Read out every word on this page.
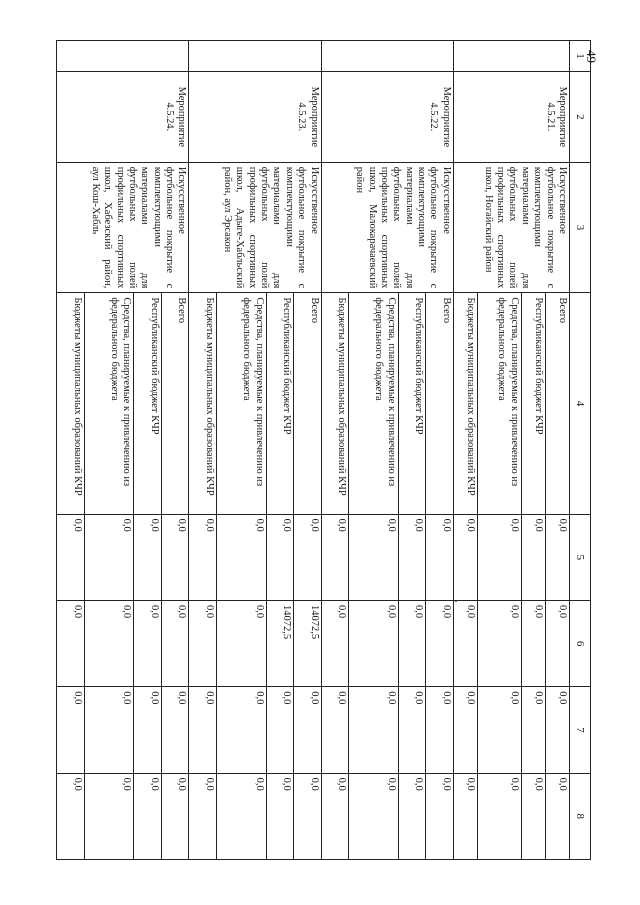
49
1	2	3	4	5	6	7	8
	Мероприятие 4.5.21.	Искусственное футбольное покрытие с комплектующими материалами для футбольных полей профильных спортивных школ, Ногайский район	Всего	0,0	0,0	0,0	0,0
			Республиканский бюджет КЧР	0,0	0,0	0,0	0,0
			Средства, планируемые к привлечению из федерального бюджета	0,0	0,0	0,0	0,0
			Бюджеты муниципальных образований КЧР	0,0	0,0	0,0	0,0
	Мероприятие 4.5.22.	Искусственное футбольное покрытие с комплектующими материалами для футбольных полей профильных спортивных школ, Малокарачаевский район	Всего	0,0	0,0	0,0	0,0
			Республиканский бюджет КЧР	0,0	0,0	0,0	0,0
			Средства, планируемые к привлечению из федерального бюджета	0,0	0,0	0,0	0,0
			Бюджеты муниципальных образований КЧР	0,0	0,0	0,0	0,0
	Мероприятие 4.5.23.	Искусственное футбольное покрытие с комплектующими материалами для футбольных полей профильных спортивных школ, Адыге-Хабльский район, аул Эрсакон	Всего	0,0	14072,5	0,0	0,0
			Республиканский бюджет КЧР	0,0	14072,5	0,0	0,0
			Средства, планируемые к привлечению из федерального бюджета	0,0	0,0	0,0	0,0
			Бюджеты муниципальных образований КЧР	0,0	0,0	0,0	0,0
	Мероприятие 4.5.24.	Искусственное футбольное покрытие с комплектующими материалами для футбольных полей профильных спортивных школ, Хабезский район, аул Кош-Хабль	Всего	0,0	0,0	0,0	0,0
			Республиканский бюджет КЧР	0,0	0,0	0,0	0,0
			Средства, планируемые к привлечению из федерального бюджета	0,0	0,0	0,0	0,0
			Бюджеты муниципальных образований КЧР	0,0	0,0	0,0	0,0
